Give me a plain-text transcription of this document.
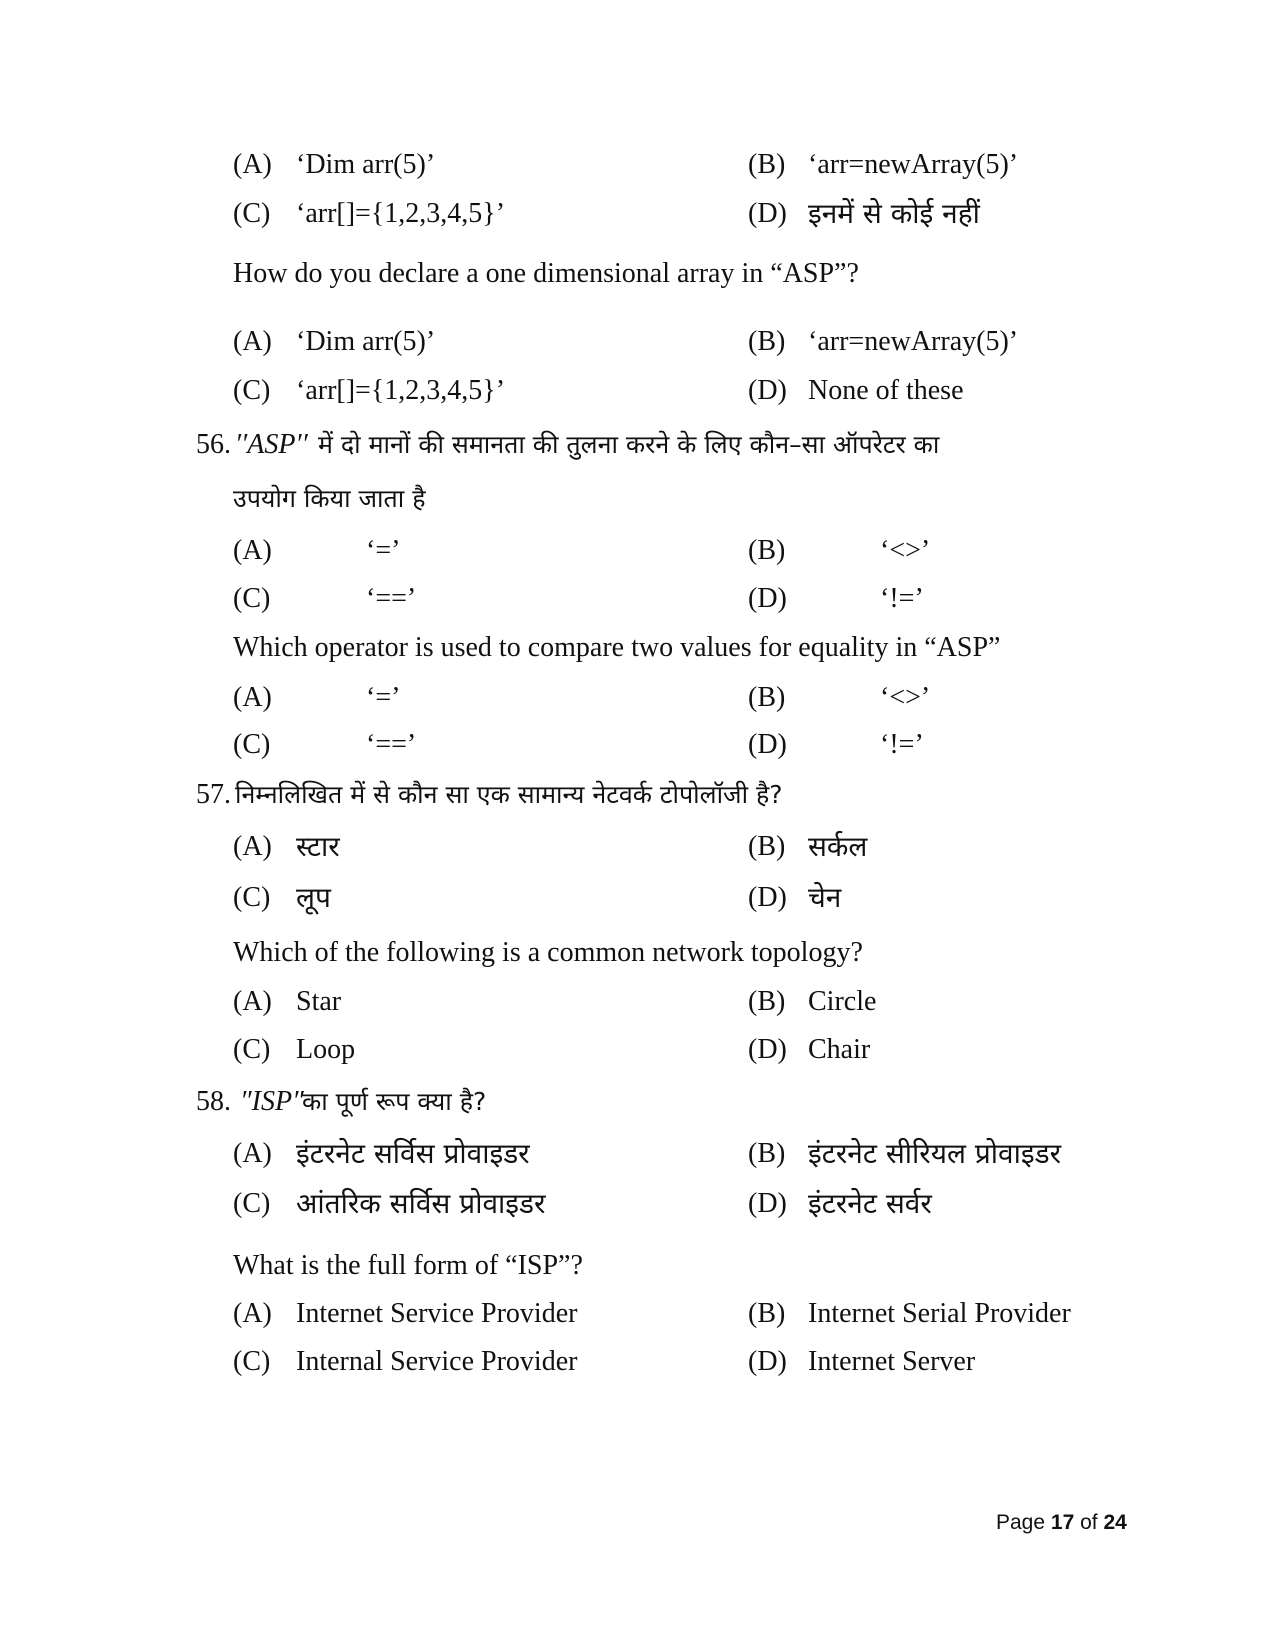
(A) ‘Dim arr(5)’	(B) ‘arr=newArray(5)’
(C) ‘arr[]={1,2,3,4,5}’	(D) इनमें से कोई नहीं
How do you declare a one dimensional array in “ASP”?
(A) ‘Dim arr(5)’	(B) ‘arr=newArray(5)’
(C) ‘arr[]={1,2,3,4,5}’	(D) None of these
56. ′′ASP′′ में दो मानों की समानता की तुलना करने के लिए कौन–सा ऑपरेटर का
उपयोग किया जाता है
(A)	‘=’	(B)	‘<>’
(C)	‘==’	(D)	‘!=’
Which operator is used to compare two values for equality in “ASP”
(A)	‘=’	(B)	‘<>’
(C)	‘==’	(D)	‘!=’
57. निम्नलिखित में से कौन सा एक सामान्य नेटवर्क टोपोलॉजी है?
(A) स्टार	(B) सर्कल
(C) लूप	(D) चेन
Which of the following is a common network topology?
(A) Star	(B) Circle
(C) Loop	(D) Chair
58. ″ISP″
का पूर्ण रूप क्या है?
(A) इंटरनेट सर्विस प्रोवाइडर	(B) इंटरनेट सीरियल प्रोवाइडर
(C) आंतरिक सर्विस प्रोवाइडर	(D) इंटरनेट सर्वर
What is the full form of “ISP”?
(A) Internet Service Provider	(B) Internet Serial Provider
(C) Internal Service Provider	(D) Internet Server
Page 17 of 24
